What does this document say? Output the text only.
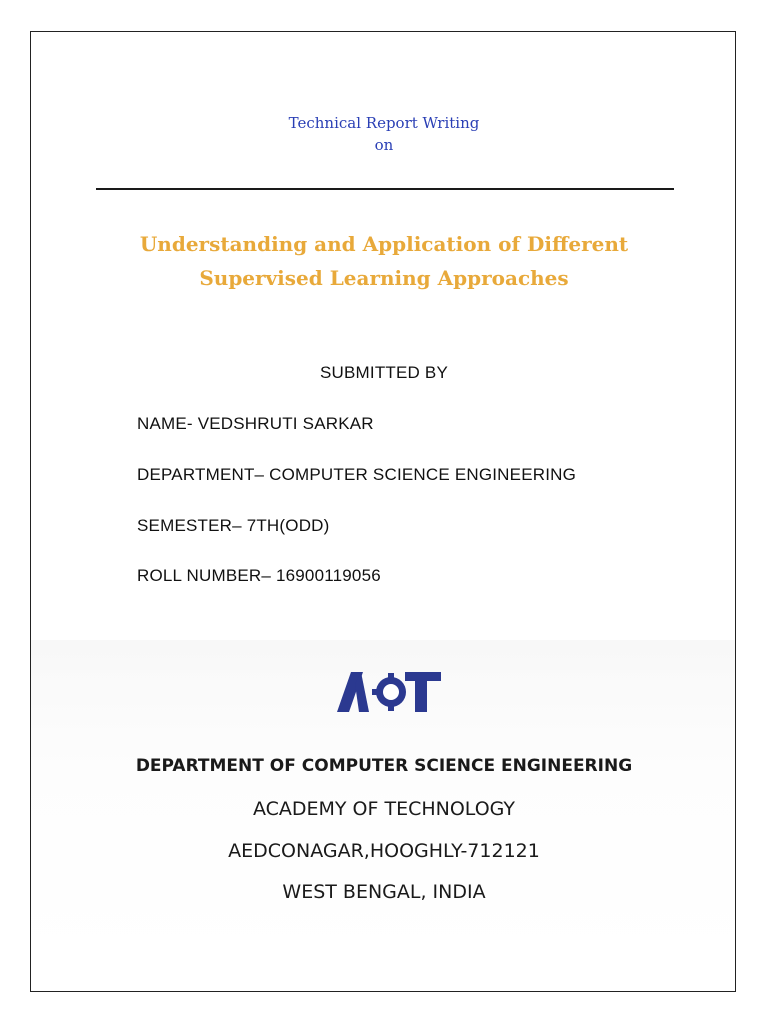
Technical Report Writing
on
Understanding and Application of Different
Supervised Learning Approaches
SUBMITTED BY
NAME- VEDSHRUTI SARKAR
DEPARTMENT– COMPUTER SCIENCE ENGINEERING
SEMESTER– 7TH(ODD)
ROLL NUMBER– 16900119056
DEPARTMENT OF COMPUTER SCIENCE ENGINEERING
ACADEMY OF TECHNOLOGY
AEDCONAGAR,HOOGHLY-712121
WEST BENGAL, INDIA
